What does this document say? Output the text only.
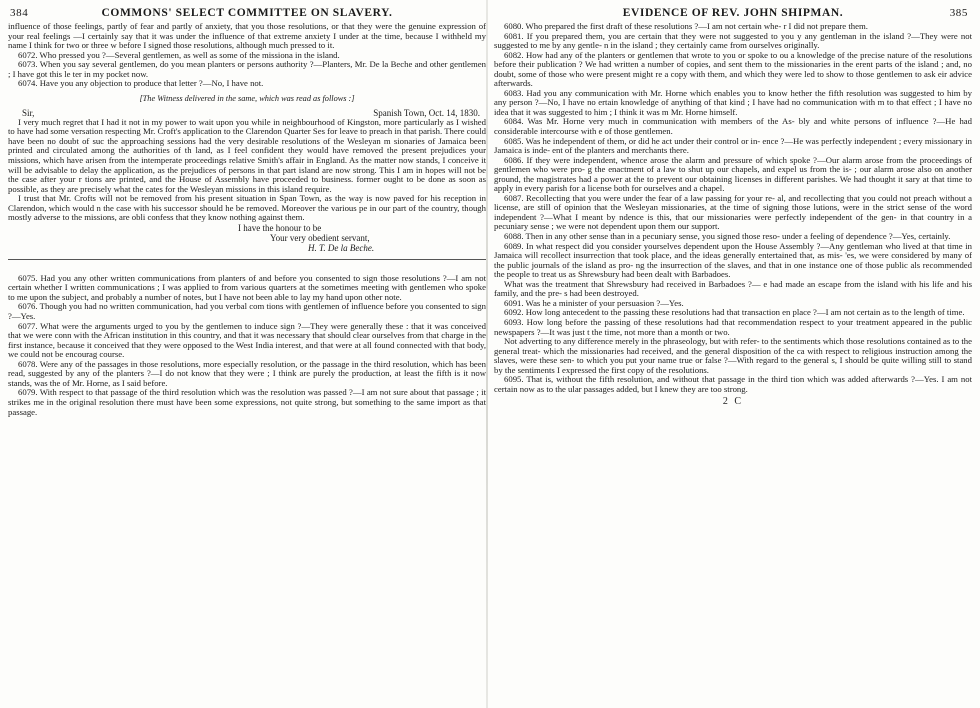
384	COMMONS' SELECT COMMITTEE ON SLAVERY.

influence of those feelings, partly of fear and partly of anxiety, that you those resolutions, or that they were the genuine expression of your real feelings —I certainly say that it was under the influence of that extreme anxiety I under at the time, because I withheld my name I think for two or three w before I signed those resolutions, although much pressed to it.

6072. Who pressed you ?—Several gentlemen, as well as some of the missiona in the island.

6073. When you say several gentlemen, do you mean planters or persons authority ?—Planters, Mr. De la Beche and other gentlemen ; I have got this le ter in my pocket now.

6074. Have you any objection to produce that letter ?—No, I have not.

[The Witness delivered in the same, which was read as follows :]
Sir,	Spanish Town, Oct. 14, 1830.

I very much regret that I had it not in my power to wait upon you while in neighbourhood of Kingston, more particularly as I wished to have had some versation respecting Mr. Croft's application to the Clarendon Quarter Ses for leave to preach in that parish. There could have been no doubt of suc the approaching sessions had the very desirable resolutions of the Wesleyan m sionaries of Jamaica been printed and circulated among the authorities of th land, as I feel confident they would have removed the present prejudices your missions, which have arisen from the intemperate proceedings relative Smith's affair in England. As the matter now stands, I conceive it will be advisable to delay the application, as the prejudices of persons in that part island are now strong. This I am in hopes will not be the case after your r tions are printed, and the House of Assembly have proceeded to business. former ought to be done as soon as possible, as they are precisely what the cates for the Wesleyan missions in this island require.

I trust that Mr. Crofts will not be removed from his present situation in Span Town, as the way is now paved for his reception in Clarendon, which would n the case with his successor should he be removed. Moreover the various pe in our part of the country, though mostly adverse to the missions, are obli confess that they know nothing against them.

I have the honour to be
Your very obedient servant,
H. T. De la Beche.

6075. Had you any other written communications from planters of and before you consented to sign those resolutions ?—I am not certain whether I written communications ; I was applied to from various quarters at the sometimes meeting with gentlemen who spoke to me upon the subject, and probably a number of notes, but I have not been able to lay my hand upon other note.

6076. Though you had no written communication, had you verbal com tions with gentlemen of influence before you consented to sign ?—Yes.

6077. What were the arguments urged to you by the gentlemen to induce sign ?—They were generally these : that it was conceived that we were conn with the African institution in this country, and that it was necessary that should clear ourselves from that charge in the first instance, because it conceived that they were opposed to the West India interest, and that were at all found connected with that body, we could not be encourag course.

6078. Were any of the passages in those resolutions, more especially resolution, or the passage in the third resolution, which has been read, suggested by any of the planters ?—I do not know that they were ; I think are purely the production, at least the fifth is it now stands, was the of Mr. Horne, as I said before.

6079. With respect to that passage of the third resolution which was the resolution was passed ?—I am not sure about that passage ; it strikes me in the original resolution there must have been some expressions, not quite strong, but something to the same import as that passage.

EVIDENCE OF REV. JOHN SHIPMAN.	385

6080. Who prepared the first draft of these resolutions ?—I am not certain whe- r I did not prepare them.

6081. If you prepared them, you are certain that they were not suggested to you y any gentleman in the island ?—They were not suggested to me by any gentle- n in the island ; they certainly came from ourselves originally.

6082. How had any of the planters or gentlemen that wrote to you or spoke to ou a knowledge of the precise nature of the resolutions before their publication ? We had written a number of copies, and sent them to the missionaries in the erent parts of the island ; and, no doubt, some of those who were present might re a copy with them, and which they were led to show to those gentlemen to ask eir advice afterwards.

6083. Had you any communication with Mr. Horne which enables you to know hether the fifth resolution was suggested to him by any person ?—No, I have no ertain knowledge of anything of that kind ; I have had no communication with m to that effect ; I have no idea that it was suggested to him ; I think it was m Mr. Horne himself.

6084. Was Mr. Horne very much in communication with members of the As- bly and white persons of influence ?—He had considerable intercourse with e of those gentlemen.

6085. Was he independent of them, or did he act under their control or in- ence ?—He was perfectly independent ; every missionary in Jamaica is inde- ent of the planters and merchants there.

6086. If they were independent, whence arose the alarm and pressure of which spoke ?—Our alarm arose from the proceedings of gentlemen who were pro- g the enactment of a law to shut up our chapels, and expel us from the is- ; our alarm arose also on another ground, the magistrates had a power at the to prevent our obtaining licenses in different parishes. We had thought it sary at that time to apply in every parish for a license both for ourselves and a chapel.

6087. Recollecting that you were under the fear of a law passing for your re- al, and recollecting that you could not preach without a license, are still of opinion that the Wesleyan missionaries, at the time of signing those lutions, were in the strict sense of the word independent ?—What I meant by ndence is this, that our missionaries were perfectly independent of the gen- in that country in a pecuniary sense ; we were not dependent upon them our support.

6088. Then in any other sense than in a pecuniary sense, you signed those reso- under a feeling of dependence ?—Yes, certainly.

6089. In what respect did you consider yourselves dependent upon the House Assembly ?—Any gentleman who lived at that time in Jamaica will recollect insurrection that took place, and the ideas generally entertained that, as mis- 'es, we were considered by many of the public journals of the island as pro- ng the insurrection of the slaves, and that in one instance one of those public als recommended the people to treat us as Shrewsbury had been dealt with Barbadoes.

What was the treatment that Shrewsbury had received in Barbadoes ?— e had made an escape from the island with his life and his family, and the pre- s had been destroyed.

6091. Was he a minister of your persuasion ?—Yes.

6092. How long antecedent to the passing these resolutions had that transaction en place ?—I am not certain as to the length of time.

6093. How long before the passing of these resolutions had that recommendation respect to your treatment appeared in the public newspapers ?—It was just t the time, not more than a month or two.

Not adverting to any difference merely in the phraseology, but with refer- to the sentiments which those resolutions contained as to the general treat- which the missionaries had received, and the general disposition of the ca with respect to religious instruction among the slaves, were these sen- to which you put your name true or false ?—With regard to the general s, I should be quite willing still to stand by the sentiments I expressed the first copy of the resolutions.

6095. That is, without the fifth resolution, and without that passage in the third tion which was added afterwards ?—Yes. I am not certain now as to the ular passages added, but I knew they are too strong.

2 C
